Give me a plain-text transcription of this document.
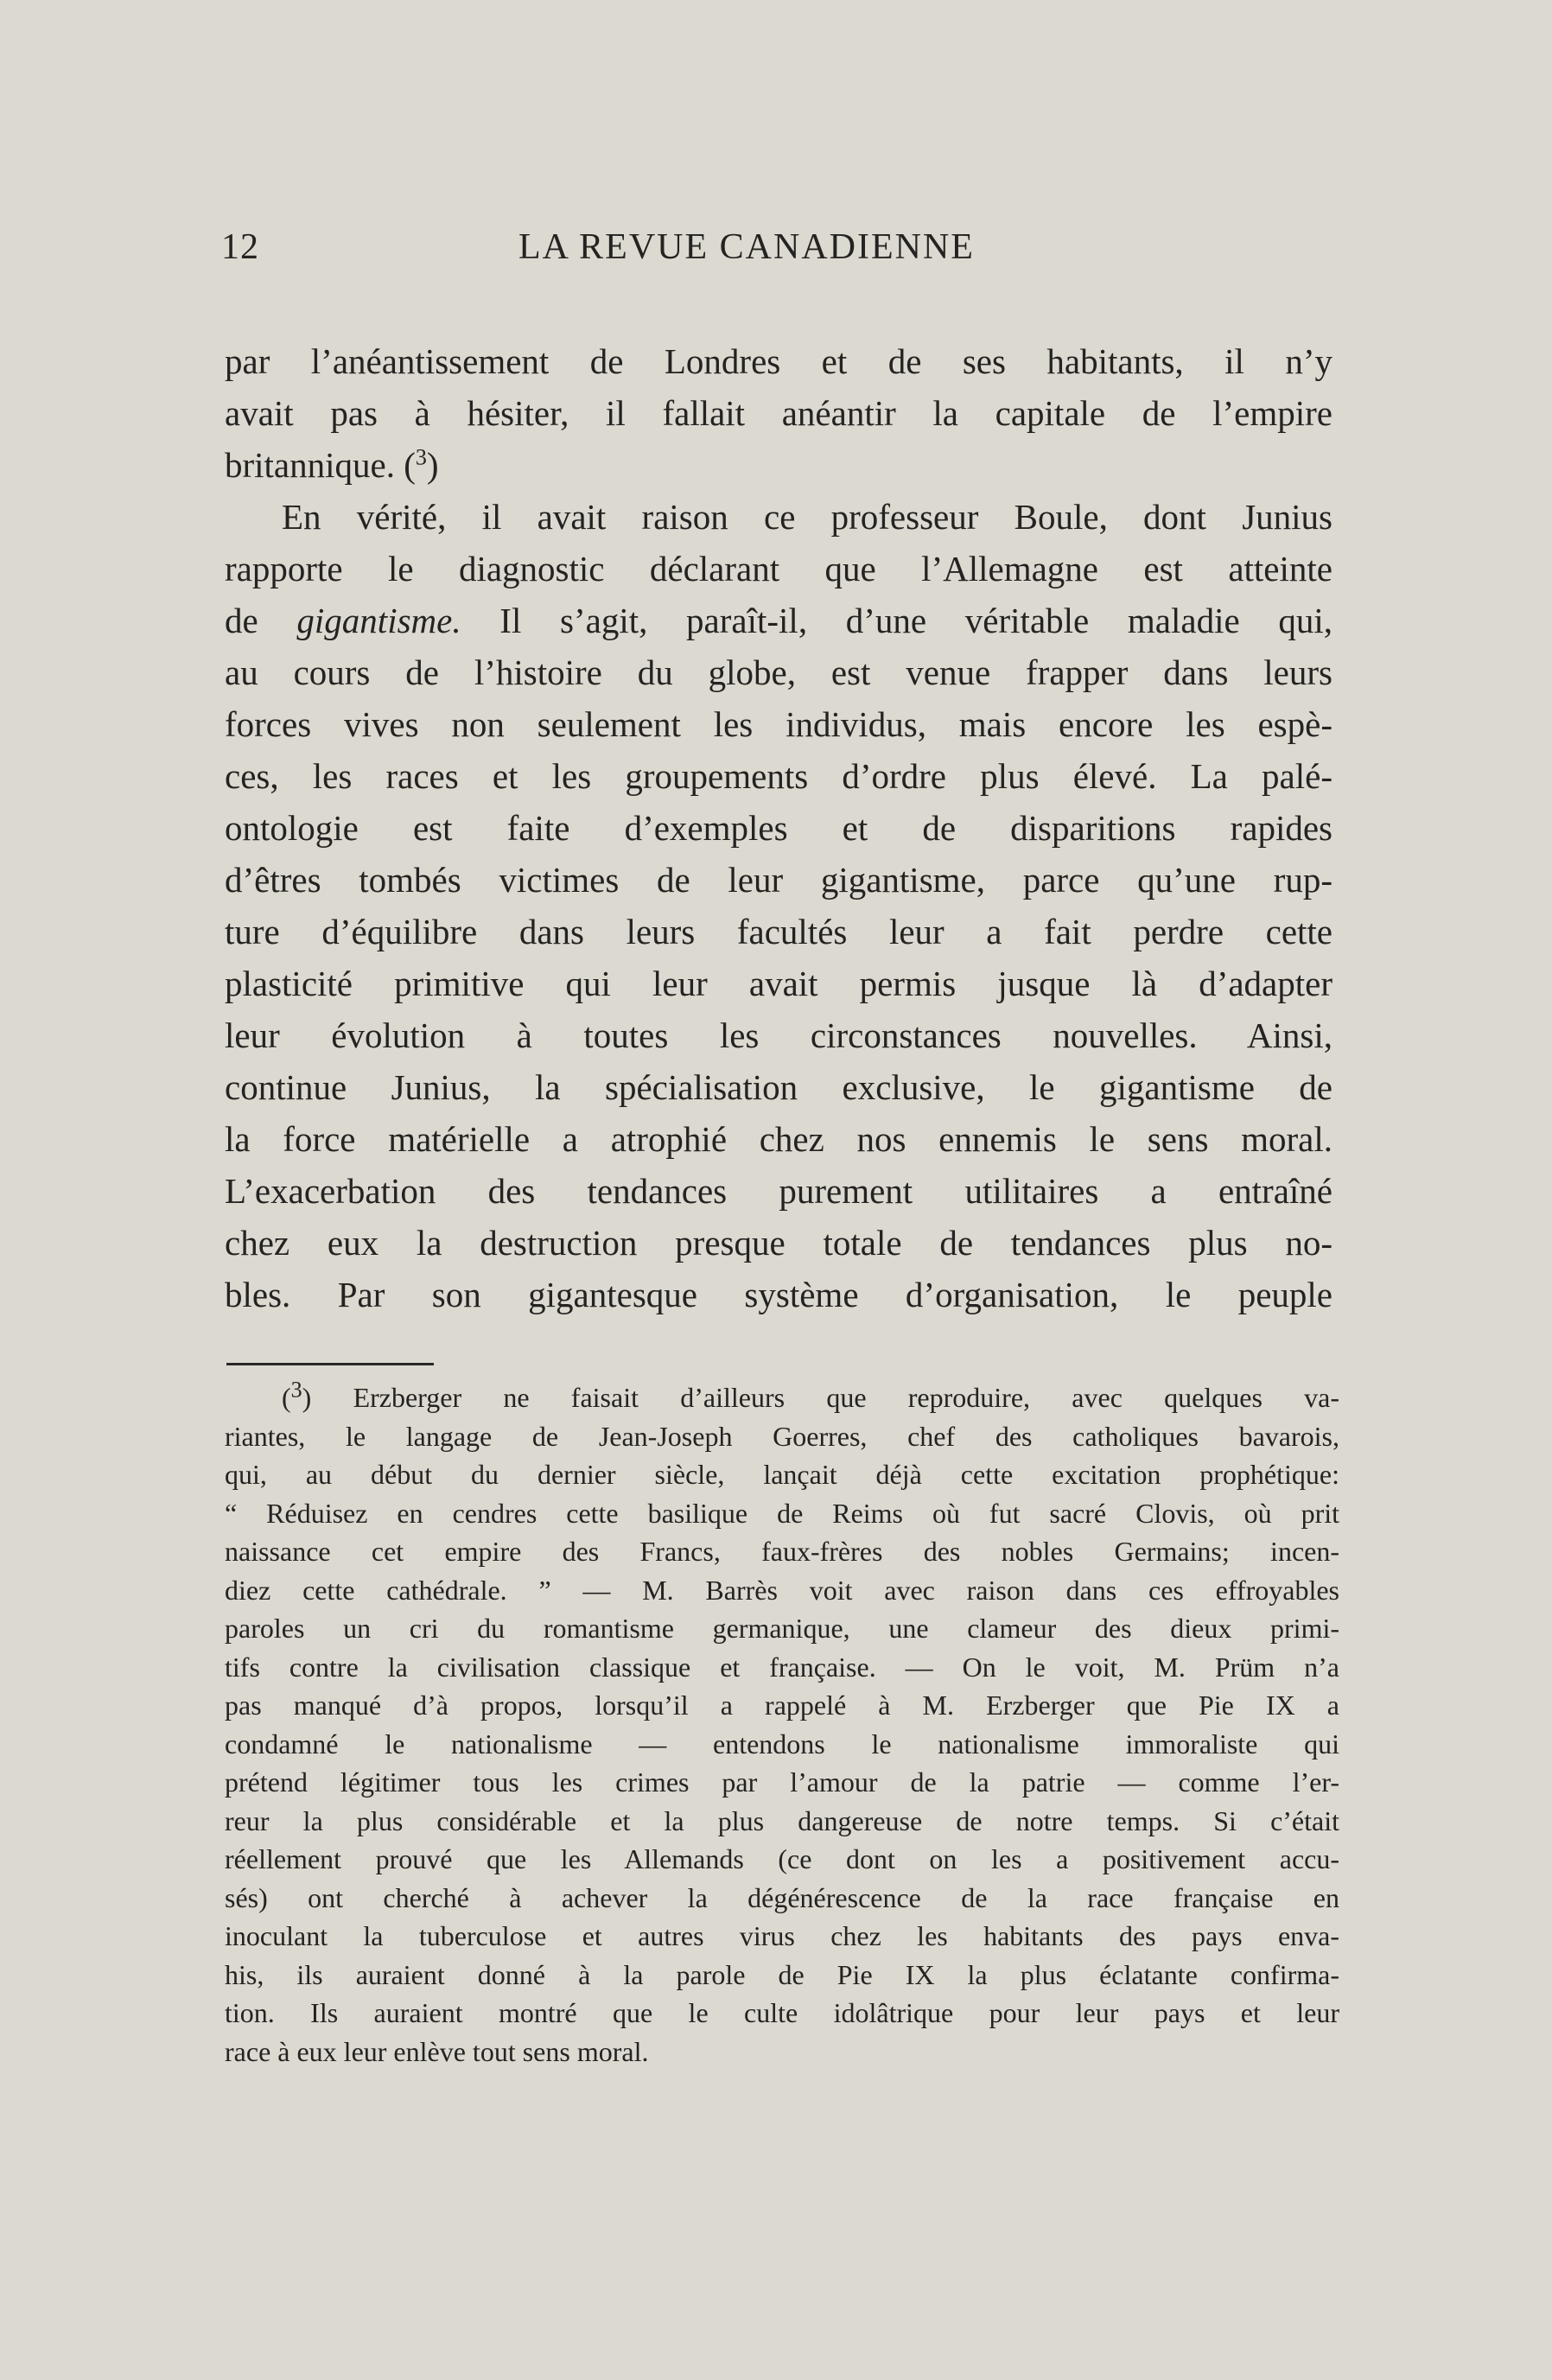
12	LA REVUE CANADIENNE
par l’anéantissement de Londres et de ses habitants, il n’y
avait pas à hésiter, il fallait anéantir la capitale de l’empire
britannique. ($^3$)
En vérité, il avait raison ce professeur Boule, dont Junius
rapporte le diagnostic déclarant que l’Allemagne est atteinte
de gigantisme. Il s’agit, paraît-il, d’une véritable maladie qui,
au cours de l’histoire du globe, est venue frapper dans leurs
forces vives non seulement les individus, mais encore les espè-
ces, les races et les groupements d’ordre plus élevé. La palé-
ontologie est faite d’exemples et de disparitions rapides
d’êtres tombés victimes de leur gigantisme, parce qu’une rup-
ture d’équilibre dans leurs facultés leur a fait perdre cette
plasticité primitive qui leur avait permis jusque là d’adapter
leur évolution à toutes les circonstances nouvelles. Ainsi,
continue Junius, la spécialisation exclusive, le gigantisme de
la force matérielle a atrophié chez nos ennemis le sens moral.
L’exacerbation des tendances purement utilitaires a entraîné
chez eux la destruction presque totale de tendances plus no-
bles. Par son gigantesque système d’organisation, le peuple
($^3$) Erzberger ne faisait d’ailleurs que reproduire, avec quelques va-
riantes, le langage de Jean-Joseph Goerres, chef des catholiques bavarois,
qui, au début du dernier siècle, lançait déjà cette excitation prophétique:
“ Réduisez en cendres cette basilique de Reims où fut sacré Clovis, où prit
naissance cet empire des Francs, faux-frères des nobles Germains; incen-
diez cette cathédrale. ” — M. Barrès voit avec raison dans ces effroyables
paroles un cri du romantisme germanique, une clameur des dieux primi-
tifs contre la civilisation classique et française. — On le voit, M. Prüm n’a
pas manqué d’à propos, lorsqu’il a rappelé à M. Erzberger que Pie IX a
condamné le nationalisme — entendons le nationalisme immoraliste qui
prétend légitimer tous les crimes par l’amour de la patrie — comme l’er-
reur la plus considérable et la plus dangereuse de notre temps. Si c’était
réellement prouvé que les Allemands (ce dont on les a positivement accu-
sés) ont cherché à achever la dégénérescence de la race française en
inoculant la tuberculose et autres virus chez les habitants des pays enva-
his, ils auraient donné à la parole de Pie IX la plus éclatante confirma-
tion. Ils auraient montré que le culte idolâtrique pour leur pays et leur
race à eux leur enlève tout sens moral.
